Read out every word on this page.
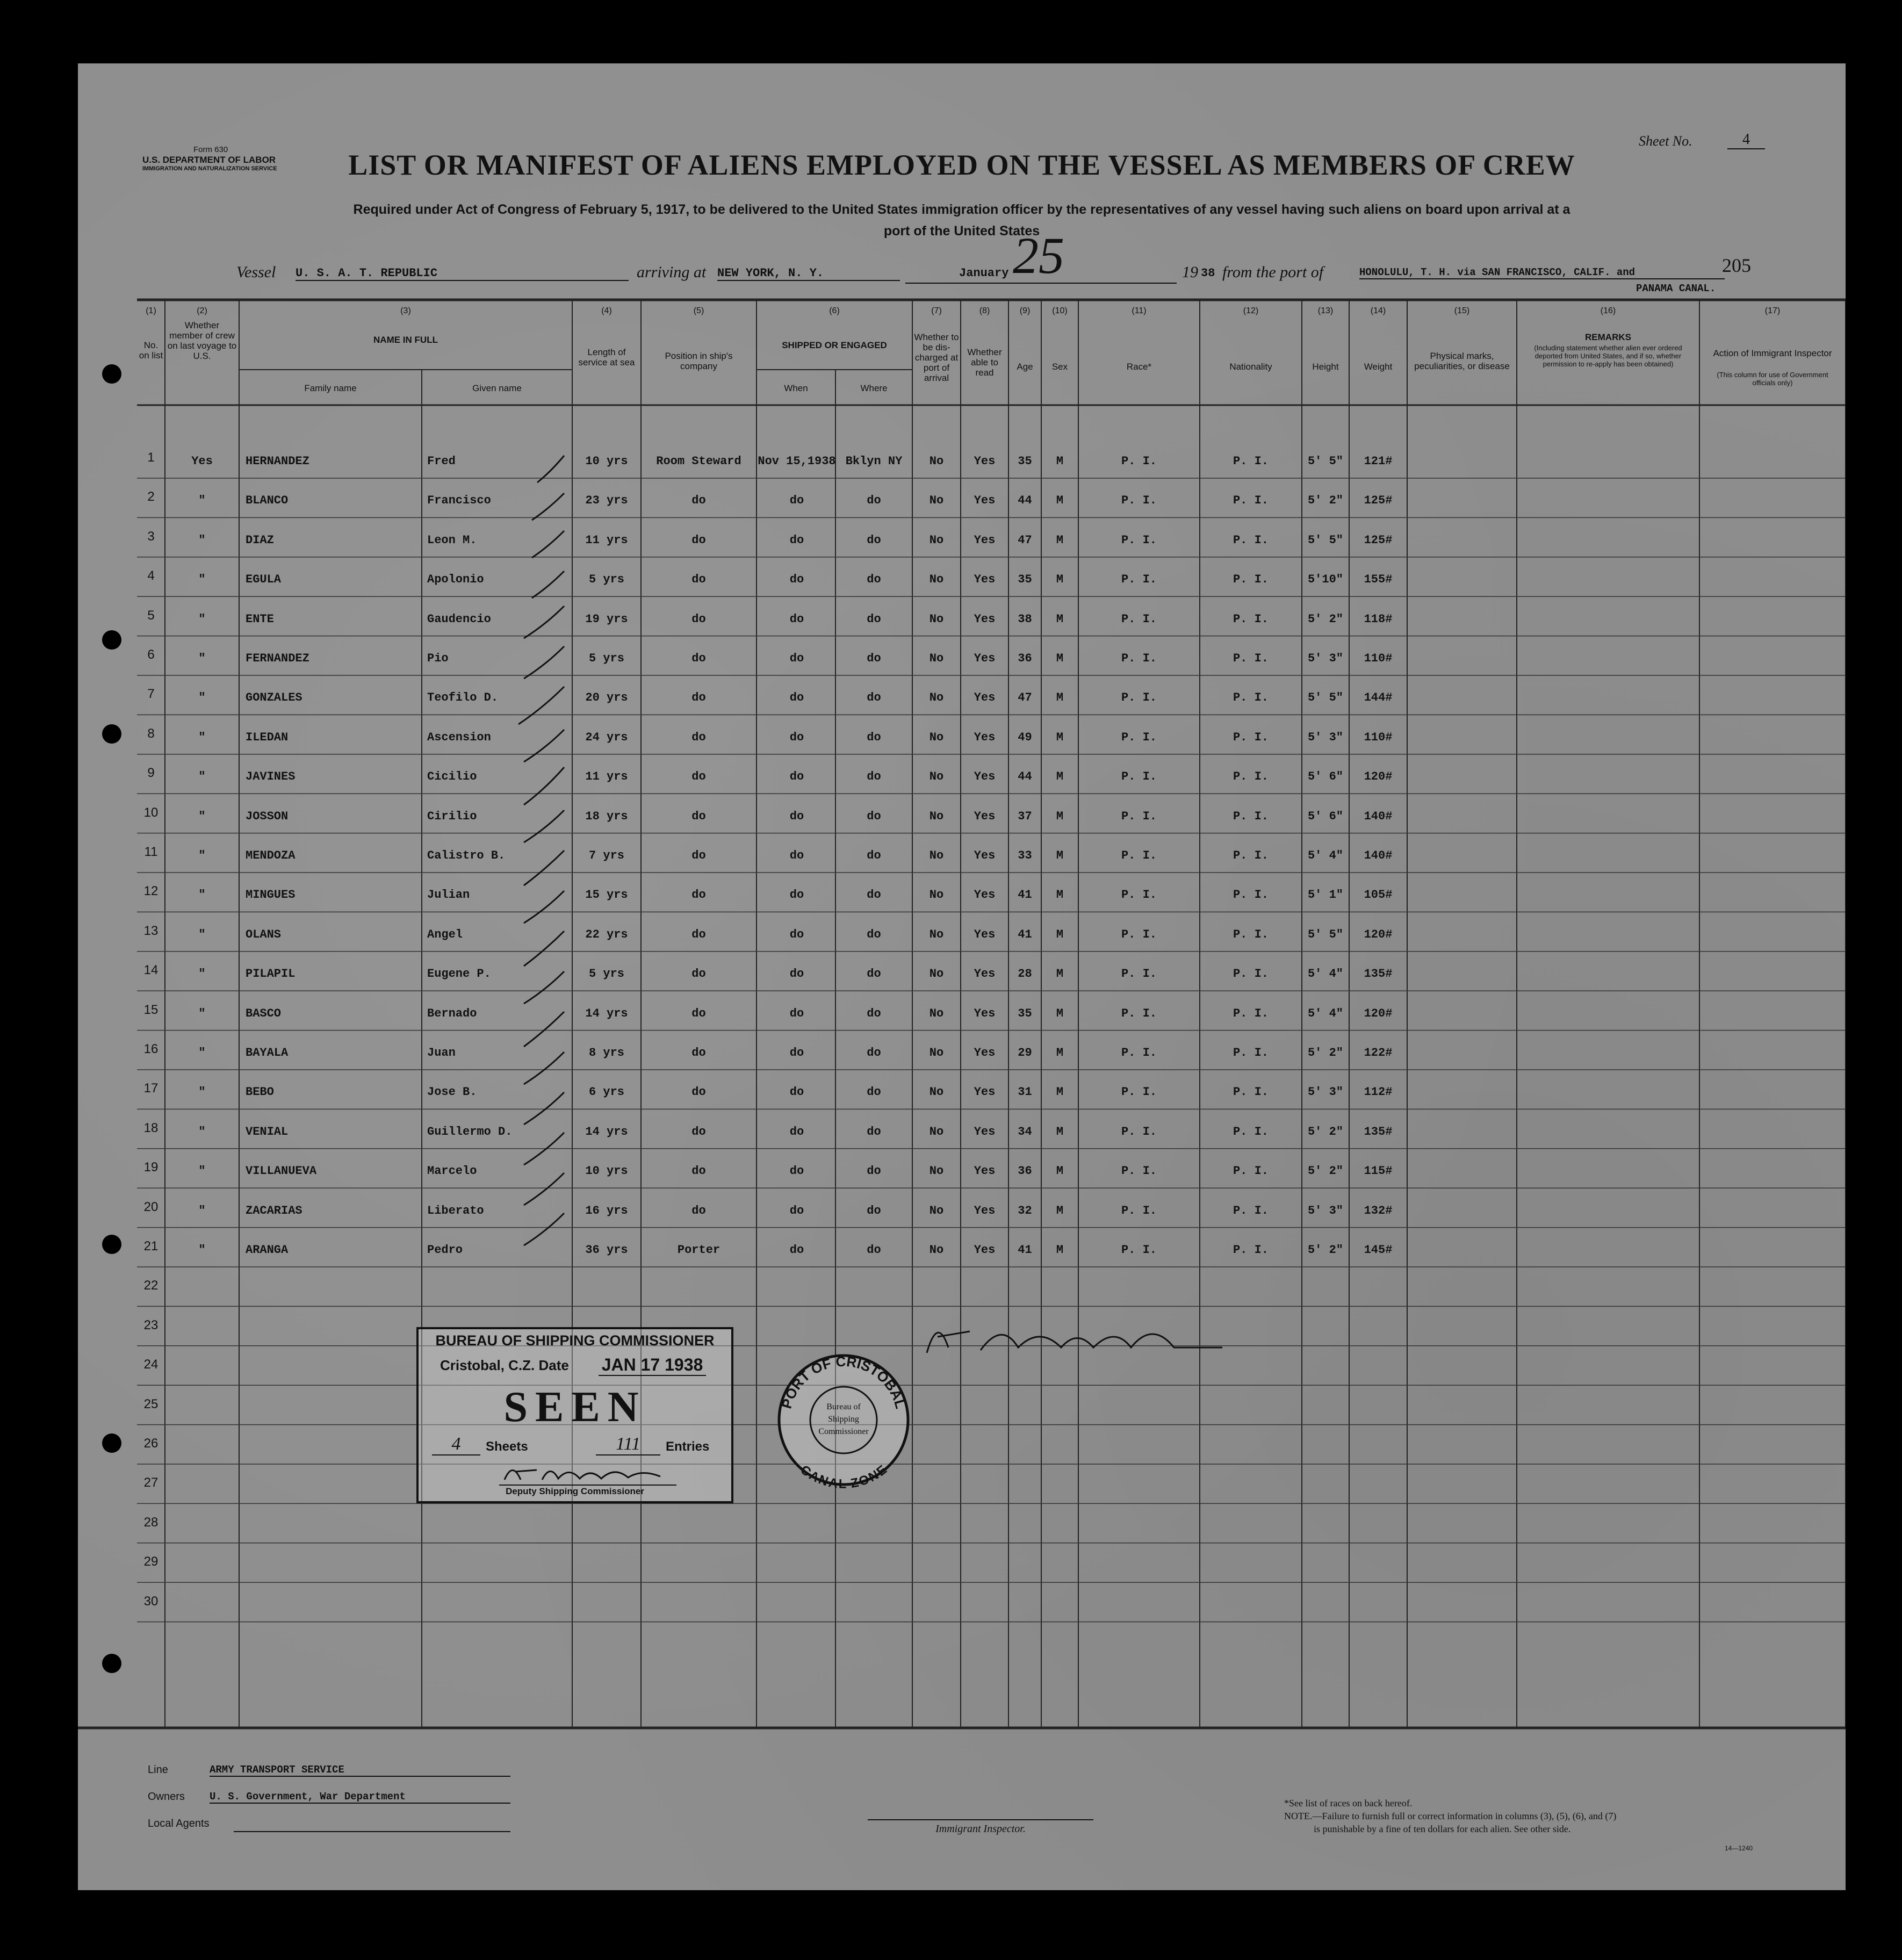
Form 630
U.S. DEPARTMENT OF LABOR
IMMIGRATION AND NATURALIZATION SERVICE
Sheet No.	4
LIST OR MANIFEST OF ALIENS EMPLOYED ON THE VESSEL AS MEMBERS OF CREW
Required under Act of Congress of February 5, 1917, to be delivered to the United States immigration officer by the representatives of any vessel having such aliens on board upon arrival at a
port of the United States
205
Vessel U. S. A. T. REPUBLIC	arriving at NEW YORK, N. Y.	January 25	19 38 from the port of	HONOLULU, T. H. via SAN FRANCISCO, CALIF. and
PANAMA CANAL.
PORT OF CRISTOBAL
CANAL ZONE
Bureau of
Shipping
Commissioner
(1)	(2)	(3)	(4)	(5)	(6)	(7)	(8)	(9)	(10)	(11)	(12)	(13)	(14)	(15)	(16)	(17)
No. on list
Whether member of crew on last voyage to U.S.
NAME IN FULL
Family name	Given name
Length of service at sea
Position in ship's company
SHIPPED OR ENGAGED
When	Where
Whether to be dis-charged at port of arrival
Whether able to read
Age	Sex	Race*	Nationality	Height	Weight
Physical marks, peculiarities, or disease
REMARKS
(Including statement whether alien ever ordered deported from United States, and if so, whether permission to re-apply has been obtained)
Action of Immigrant Inspector
(This column for use of Government officials only)
1	Yes	HERNANDEZ	Fred	10 yrs	Room Steward	Nov 15,1938 Bklyn NY	No	Yes	35	M	P. I.	P. I.	5' 5"	121#
2	"	BLANCO	Francisco	23 yrs	do	do	do	No	Yes	44	M	P. I.	P. I.	5' 2"	125#
3	"	DIAZ	Leon M.	11 yrs	do	do	do	No	Yes	47	M	P. I.	P. I.	5' 5"	125#
4	"	EGULA	Apolonio	5 yrs	do	do	do	No	Yes	35	M	P. I.	P. I.	5'10"	155#
5	"	ENTE	Gaudencio	19 yrs	do	do	do	No	Yes	38	M	P. I.	P. I.	5' 2"	118#
6	"	FERNANDEZ	Pio	5 yrs	do	do	do	No	Yes	36	M	P. I.	P. I.	5' 3"	110#
7	"	GONZALES	Teofilo D.	20 yrs	do	do	do	No	Yes	47	M	P. I.	P. I.	5' 5"	144#
8	"	ILEDAN	Ascension	24 yrs	do	do	do	No	Yes	49	M	P. I.	P. I.	5' 3"	110#
9	"	JAVINES	Cicilio	11 yrs	do	do	do	No	Yes	44	M	P. I.	P. I.	5' 6"	120#
10	"	JOSSON	Cirilio	18 yrs	do	do	do	No	Yes	37	M	P. I.	P. I.	5' 6"	140#
11	"	MENDOZA	Calistro B.	7 yrs	do	do	do	No	Yes	33	M	P. I.	P. I.	5' 4"	140#
12	"	MINGUES	Julian	15 yrs	do	do	do	No	Yes	41	M	P. I.	P. I.	5' 1"	105#
13	"	OLANS	Angel	22 yrs	do	do	do	No	Yes	41	M	P. I.	P. I.	5' 5"	120#
14	"	PILAPIL	Eugene P.	5 yrs	do	do	do	No	Yes	28	M	P. I.	P. I.	5' 4"	135#
15	"	BASCO	Bernado	14 yrs	do	do	do	No	Yes	35	M	P. I.	P. I.	5' 4"	120#
16	"	BAYALA	Juan	8 yrs	do	do	do	No	Yes	29	M	P. I.	P. I.	5' 2"	122#
17	"	BEBO	Jose B.	6 yrs	do	do	do	No	Yes	31	M	P. I.	P. I.	5' 3"	112#
18	"	VENIAL	Guillermo D.	14 yrs	do	do	do	No	Yes	34	M	P. I.	P. I.	5' 2"	135#
19	"	VILLANUEVA	Marcelo	10 yrs	do	do	do	No	Yes	36	M	P. I.	P. I.	5' 2"	115#
20	"	ZACARIAS	Liberato	16 yrs	do	do	do	No	Yes	32	M	P. I.	P. I.	5' 3"	132#
21	"	ARANGA	Pedro	36 yrs	Porter	do	do	No	Yes	41	M	P. I.	P. I.	5' 2"	145#
22
23
24
25
26
27
28
29
30
BUREAU OF SHIPPING COMMISSIONER
Cristobal, C.Z. Date JAN 17 1938
SEEN
4	Sheets	111	Entries
Deputy Shipping Commissioner
Line	ARMY TRANSPORT SERVICE
Owners U. S. Government, War Department
Local Agents	Immigrant Inspector.
*See list of races on back hereof.
NOTE.—Failure to furnish full or correct information in columns (3), (5), (6), and (7)
is punishable by a fine of ten dollars for each alien. See other side.
14—1240
